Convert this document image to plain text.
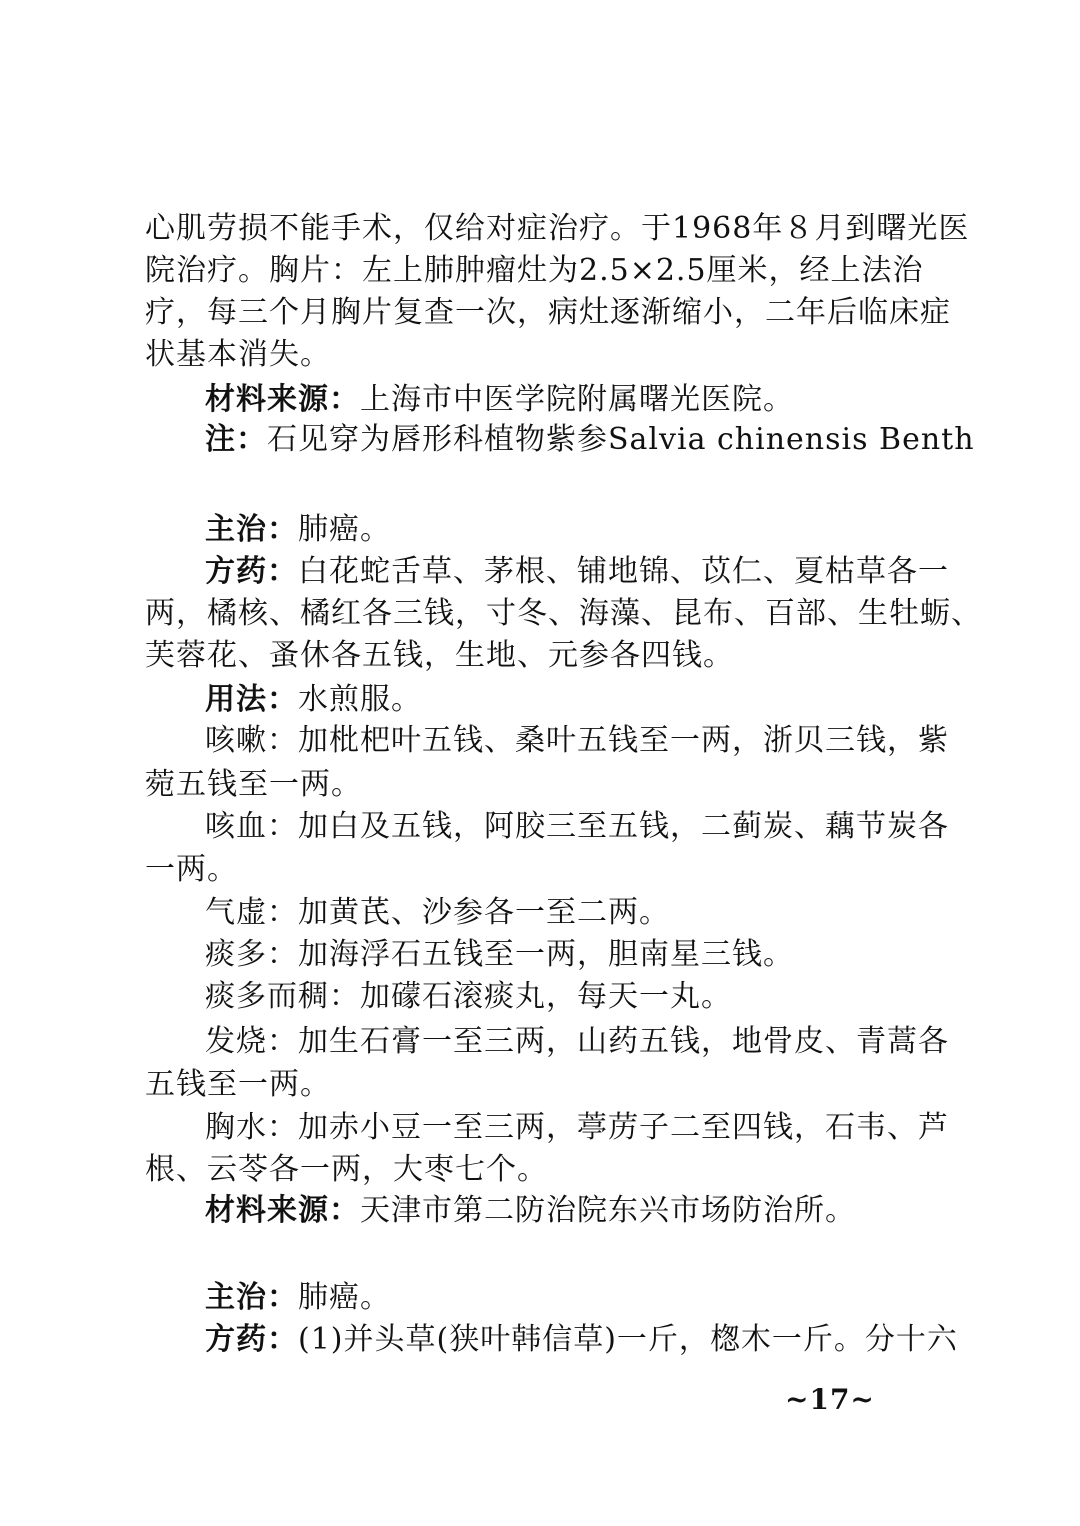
心肌劳损不能手术，仅给对症治疗。于1968年８月到曙光医
院治疗。胸片：左上肺肿瘤灶为2.5×2.5厘米，经上法治
疗，每三个月胸片复查一次，病灶逐渐缩小，二年后临床症
状基本消失。
材料来源：上海市中医学院附属曙光医院。
注：石见穿为唇形科植物紫参Salvia chinensis Benth
主治：肺癌。
方药：白花蛇舌草、茅根、铺地锦、苡仁、夏枯草各一
两，橘核、橘红各三钱，寸冬、海藻、昆布、百部、生牡蛎、
芙蓉花、蚤休各五钱，生地、元参各四钱。
用法：水煎服。
咳嗽：加枇杷叶五钱、桑叶五钱至一两，浙贝三钱，紫
菀五钱至一两。
咳血：加白及五钱，阿胶三至五钱，二蓟炭、藕节炭各
一两。
气虚：加黄芪、沙参各一至二两。
痰多：加海浮石五钱至一两，胆南星三钱。
痰多而稠：加礞石滚痰丸，每天一丸。
发烧：加生石膏一至三两，山药五钱，地骨皮、青蒿各
五钱至一两。
胸水：加赤小豆一至三两，葶苈子二至四钱，石韦、芦
根、云苓各一两，大枣七个。
材料来源：天津市第二防治院东兴市场防治所。
主治：肺癌。
方药：(1)并头草(狭叶韩信草)一斤，楤木一斤。分十六
~17~
